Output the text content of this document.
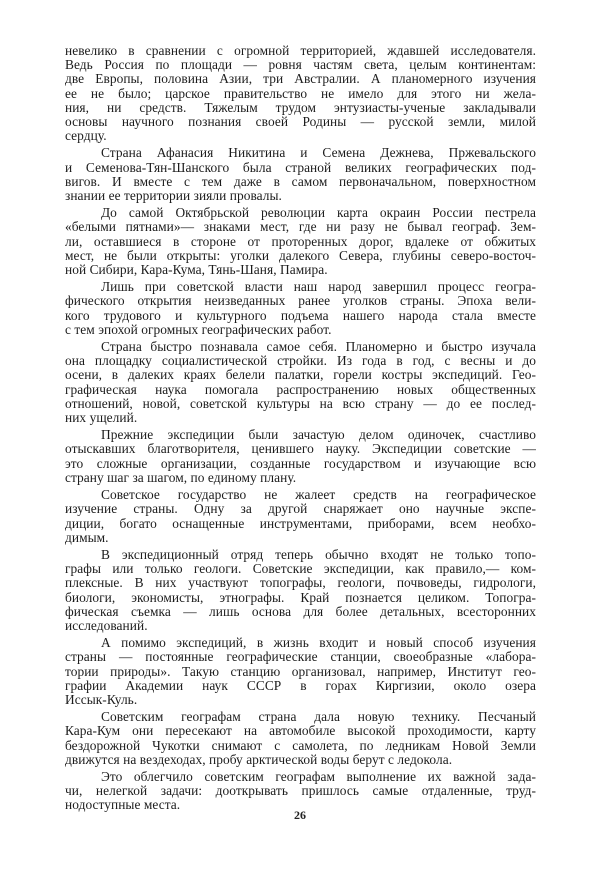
невелико в сравнении с огромной территорией, ждавшей исследователя.
Ведь Россия по площади — ровня частям света, целым континентам:
две Европы, половина Азии, три Австралии. А планомерного изучения
ее не было; царское правительство не имело для этого ни жела-
ния, ни средств. Тяжелым трудом энтузиасты-ученые закладывали
основы научного познания своей Родины — русской земли, милой
сердцу.
Страна Афанасия Никитина и Семена Дежнева, Пржевальского
и Семенова-Тян-Шанского была страной великих географических под-
вигов. И вместе с тем даже в самом первоначальном, поверхностном
знании ее территории зияли провалы.
До самой Октябрьской революции карта окраин России пестрела
«белыми пятнами»— знаками мест, где ни разу не бывал географ. Зем-
ли, оставшиеся в стороне от проторенных дорог, вдалеке от обжитых
мест, не были открыты: уголки далекого Севера, глубины северо-восточ-
ной Сибири, Кара-Кума, Тянь-Шаня, Памира.
Лишь при советской власти наш народ завершил процесс геогра-
фического открытия неизведанных ранее уголков страны. Эпоха вели-
кого трудового и культурного подъема нашего народа стала вместе
с тем эпохой огромных географических работ.
Страна быстро познавала самое себя. Планомерно и быстро изучала
она площадку социалистической стройки. Из года в год, с весны и до
осени, в далеких краях белели палатки, горели костры экспедиций. Гео-
графическая наука помогала распространению новых общественных
отношений, новой, советской культуры на всю страну — до ее послед-
них ущелий.
Прежние экспедиции были зачастую делом одиночек, счастливо
отыскавших благотворителя, ценившего науку. Экспедиции советские —
это сложные организации, созданные государством и изучающие всю
страну шаг за шагом, по единому плану.
Советское государство не жалеет средств на географическое
изучение страны. Одну за другой снаряжает оно научные экспе-
диции, богато оснащенные инструментами, приборами, всем необхо-
димым.
В экспедиционный отряд теперь обычно входят не только топо-
графы или только геологи. Советские экспедиции, как правило,— ком-
плексные. В них участвуют топографы, геологи, почвоведы, гидрологи,
биологи, экономисты, этнографы. Край познается целиком. Топогра-
фическая съемка — лишь основа для более детальных, всесторонних
исследований.
А помимо экспедиций, в жизнь входит и новый способ изучения
страны — постоянные географические станции, своеобразные «лабора-
тории природы». Такую станцию организовал, например, Институт гео-
графии Академии наук СССР в горах Киргизии, около озера
Иссык-Куль.
Советским географам страна дала новую технику. Песчаный
Кара-Кум они пересекают на автомобиле высокой проходимости, карту
бездорожной Чукотки снимают с самолета, по ледникам Новой Земли
движутся на вездеходах, пробу арктической воды берут с ледокола.
Это облегчило советским географам выполнение их важной зада-
чи, нелегкой задачи: дооткрывать пришлось самые отдаленные, труд-
нодоступные места.
26
